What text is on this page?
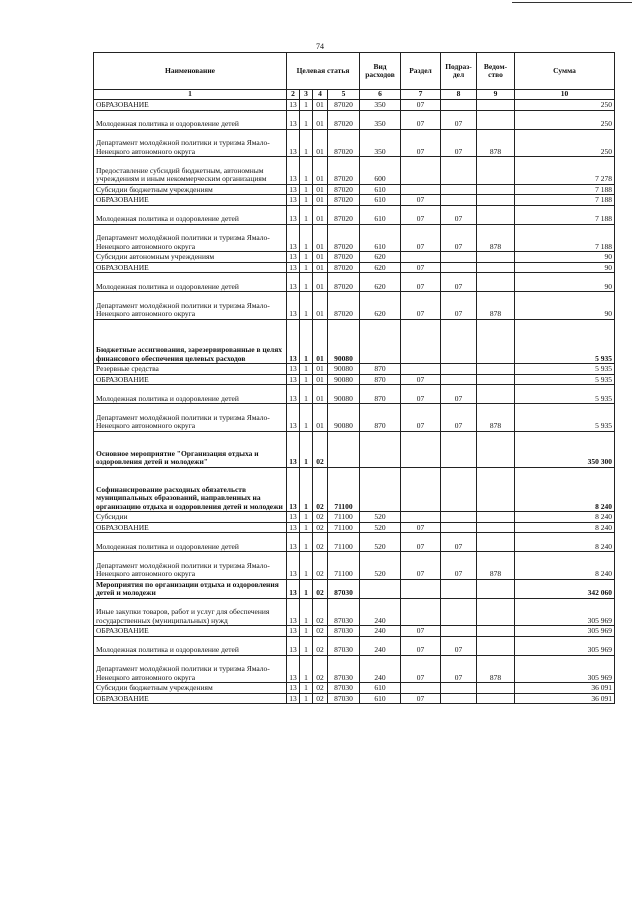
74
Наименование	Целевая статья				Вид расходов	Раздел	Подраз-дел	Ведом-ство	Сумма
1	2	3	4	5	6	7	8	9	10
ОБРАЗОВАНИЕ	13	1	01	87020	350	07			250
Молодежная политика и оздоровление детей	13	1	01	87020	350	07	07		250
Департамент молодёжной политики и туризма Ямало-Ненецкого автономного округа	13	1	01	87020	350	07	07	878	250
Предоставление субсидий бюджетным, автономным учреждениям и иным некоммерческим организациям	13	1	01	87020	600				7 278
Субсидии бюджетным учреждениям	13	1	01	87020	610				7 188
ОБРАЗОВАНИЕ	13	1	01	87020	610	07			7 188
Молодежная политика и оздоровление детей	13	1	01	87020	610	07	07		7 188
Департамент молодёжной политики и туризма Ямало-Ненецкого автономного округа	13	1	01	87020	610	07	07	878	7 188
Субсидии автономным учреждениям	13	1	01	87020	620				90
ОБРАЗОВАНИЕ	13	1	01	87020	620	07			90
Молодежная политика и оздоровление детей	13	1	01	87020	620	07	07		90
Департамент молодёжной политики и туризма Ямало-Ненецкого автономного округа	13	1	01	87020	620	07	07	878	90
Бюджетные ассигнования, зарезервированные в целях финансового обеспечения целевых расходов	13	1	01	90080					5 935
Резервные средства	13	1	01	90080	870				5 935
ОБРАЗОВАНИЕ	13	1	01	90080	870	07			5 935
Молодежная политика и оздоровление детей	13	1	01	90080	870	07	07		5 935
Департамент молодёжной политики и туризма Ямало-Ненецкого автономного округа	13	1	01	90080	870	07	07	878	5 935
Основное мероприятие "Организация отдыха и оздоровления детей и молодежи"	13	1	02						350 300
Софинансирование расходных обязательств муниципальных образований, направленных на организацию отдыха и оздоровления детей и молодежи	13	1	02	71100					8 240
Субсидии	13	1	02	71100	520				8 240
ОБРАЗОВАНИЕ	13	1	02	71100	520	07			8 240
Молодежная политика и оздоровление детей	13	1	02	71100	520	07	07		8 240
Департамент молодёжной политики и туризма Ямало-Ненецкого автономного округа	13	1	02	71100	520	07	07	878	8 240
Мероприятия по организации отдыха и оздоровления детей и молодежи	13	1	02	87030					342 060
Иные закупки товаров, работ и услуг для обеспечения государственных (муниципальных) нужд	13	1	02	87030	240				305 969
ОБРАЗОВАНИЕ	13	1	02	87030	240	07			305 969
Молодежная политика и оздоровление детей	13	1	02	87030	240	07	07		305 969
Департамент молодёжной политики и туризма Ямало-Ненецкого автономного округа	13	1	02	87030	240	07	07	878	305 969
Субсидии бюджетным учреждениям	13	1	02	87030	610				36 091
ОБРАЗОВАНИЕ	13	1	02	87030	610	07			36 091
